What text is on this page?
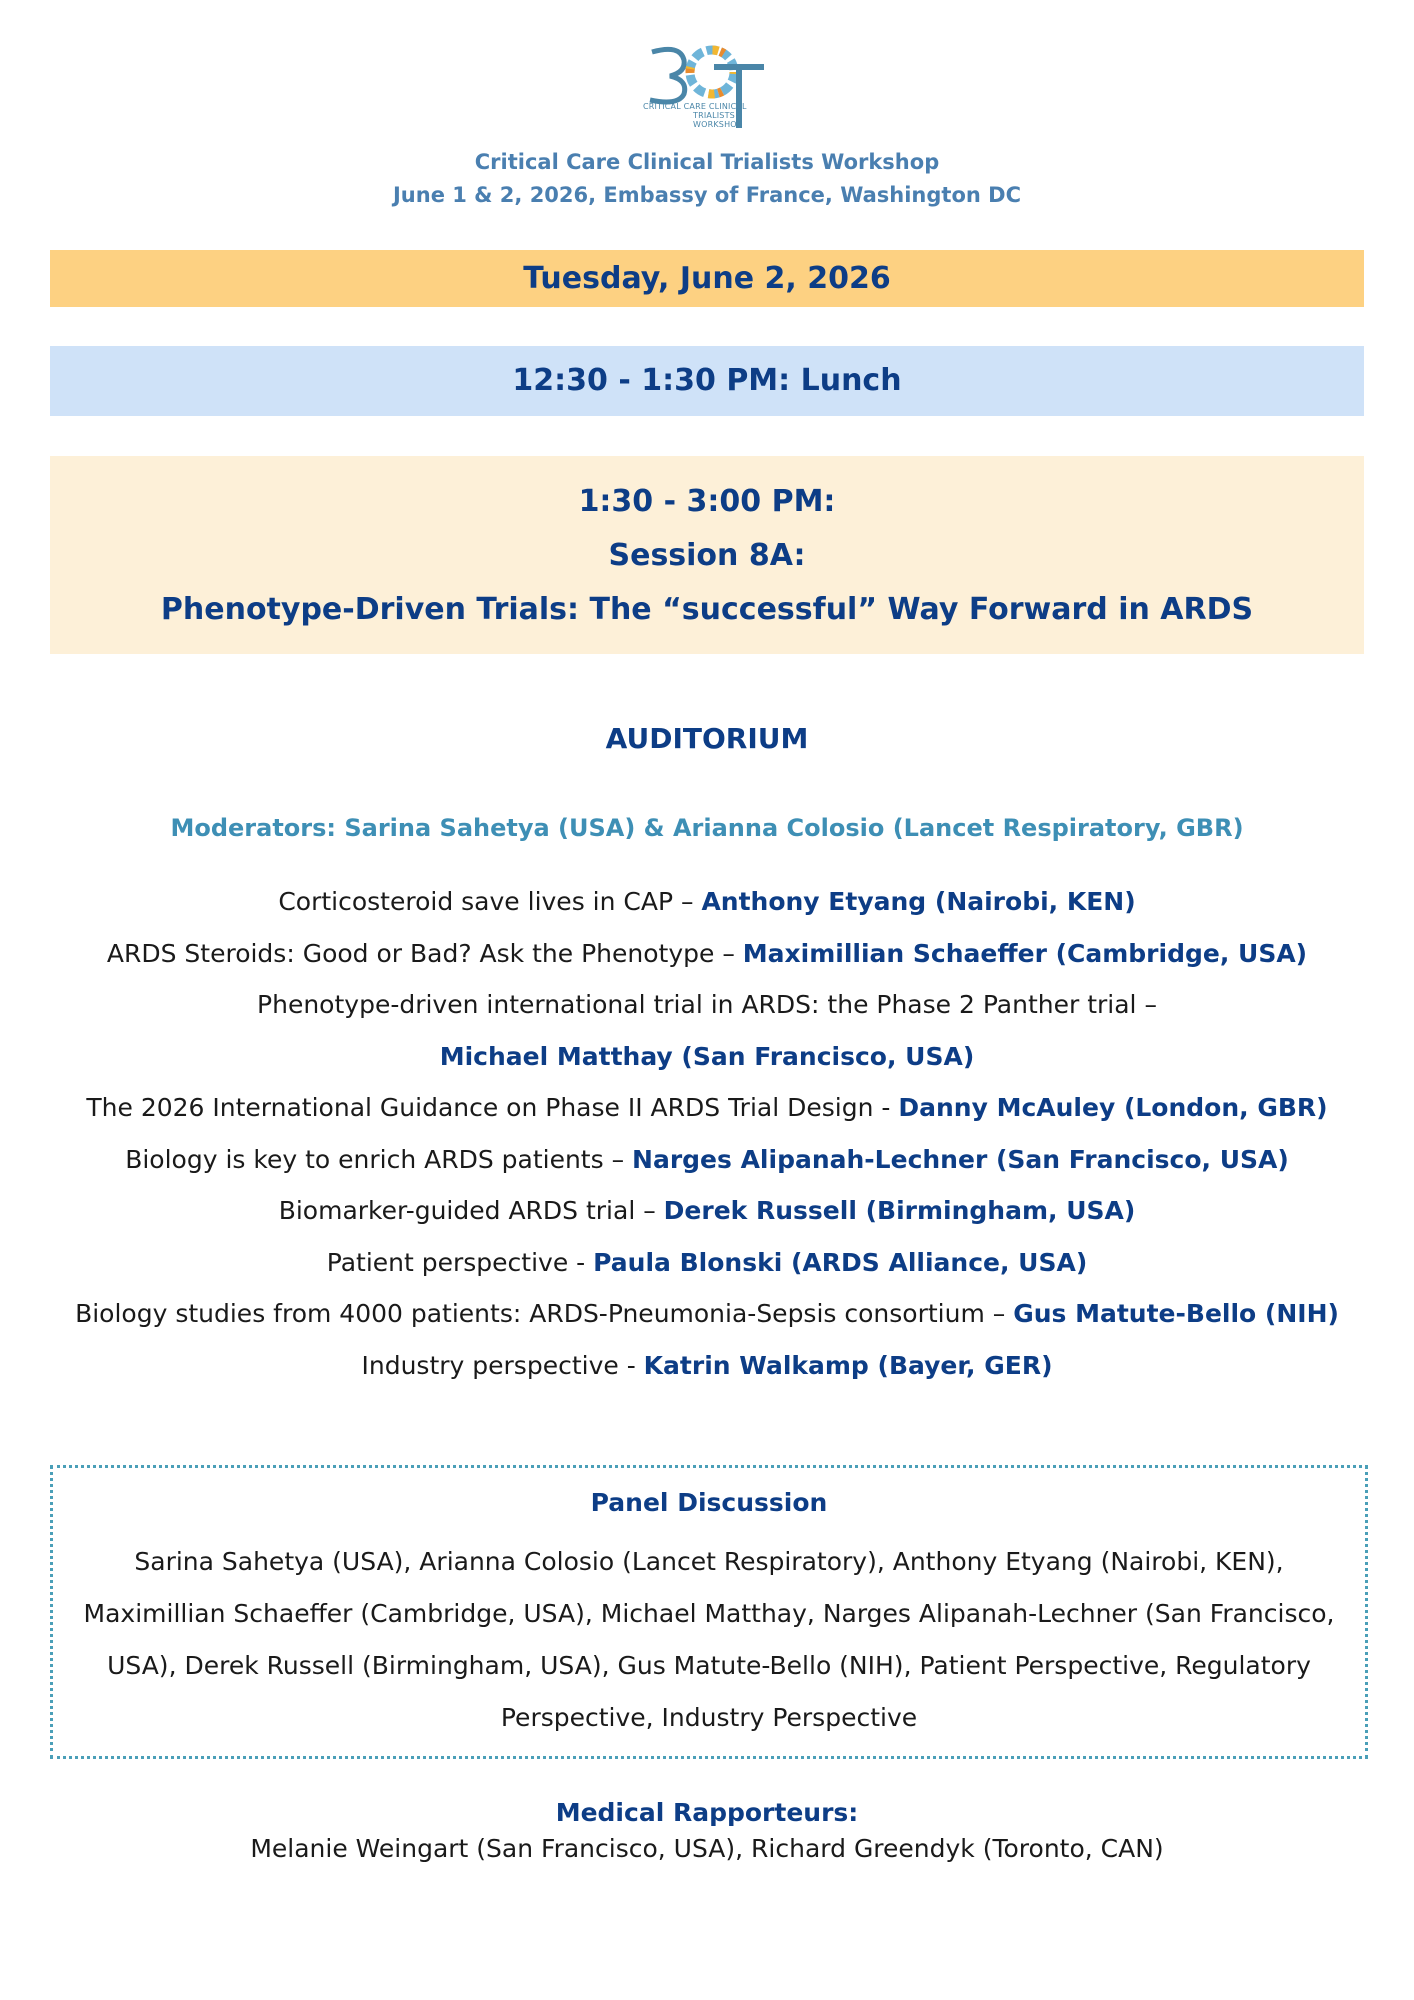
CRITICAL CARE CLINICAL
TRIALISTS
WORKSHOP
Critical Care Clinical Trialists Workshop
June 1 & 2, 2026, Embassy of France, Washington DC
Tuesday, June 2, 2026
12:30 - 1:30 PM: Lunch
1:30 - 3:00 PM:
Session 8A:
Phenotype-Driven Trials: The “successful” Way Forward in ARDS
AUDITORIUM
Moderators: Sarina Sahetya (USA) & Arianna Colosio (Lancet Respiratory, GBR)
Corticosteroid save lives in CAP – Anthony Etyang (Nairobi, KEN)
ARDS Steroids: Good or Bad? Ask the Phenotype – Maximillian Schaeffer (Cambridge, USA)
Phenotype-driven international trial in ARDS: the Phase 2 Panther trial –
Michael Matthay (San Francisco, USA)
The 2026 International Guidance on Phase II ARDS Trial Design - Danny McAuley (London, GBR)
Biology is key to enrich ARDS patients – Narges Alipanah-Lechner (San Francisco, USA)
Biomarker-guided ARDS trial – Derek Russell (Birmingham, USA)
Patient perspective - Paula Blonski (ARDS Alliance, USA)
Biology studies from 4000 patients: ARDS-Pneumonia-Sepsis consortium – Gus Matute-Bello (NIH)
Industry perspective - Katrin Walkamp (Bayer, GER)
Panel Discussion
Sarina Sahetya (USA), Arianna Colosio (Lancet Respiratory), Anthony Etyang (Nairobi, KEN), Maximillian Schaeffer (Cambridge, USA), Michael Matthay, Narges Alipanah-Lechner (San Francisco, USA), Derek Russell (Birmingham, USA), Gus Matute-Bello (NIH), Patient Perspective, Regulatory Perspective, Industry Perspective
Medical Rapporteurs:
Melanie Weingart (San Francisco, USA), Richard Greendyk (Toronto, CAN)
